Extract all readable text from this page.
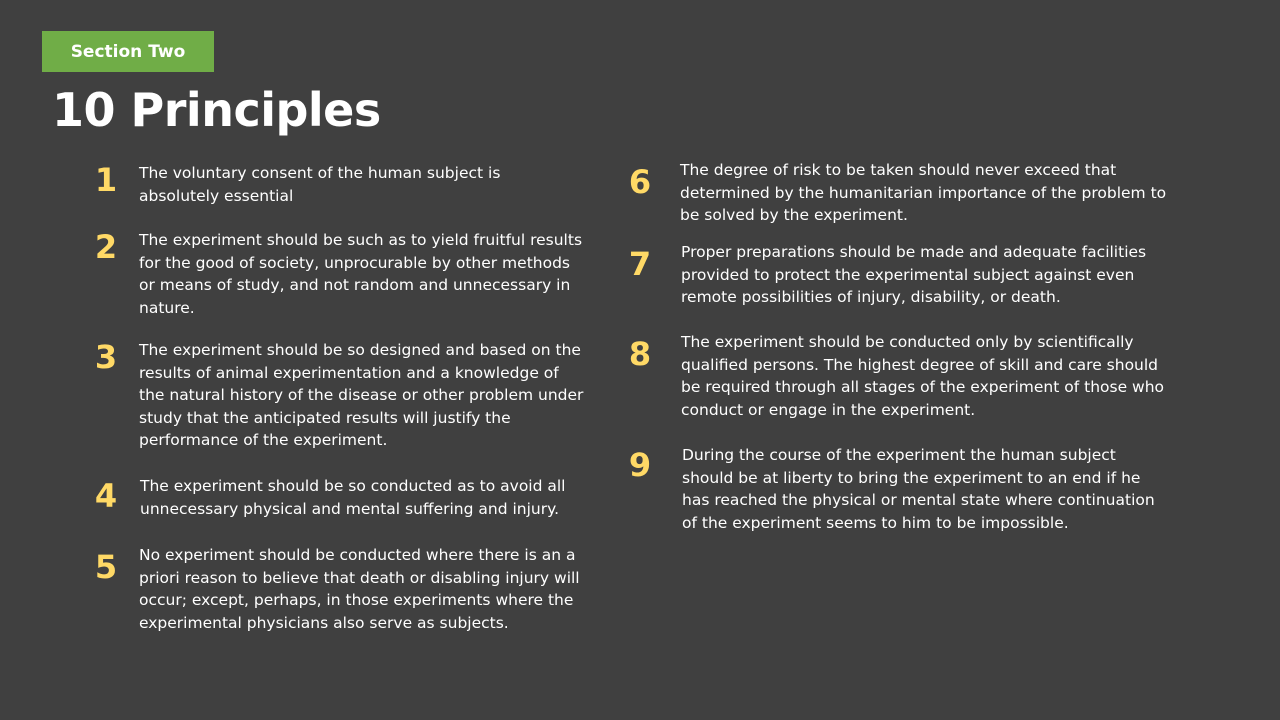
Section Two
10 Principles
1	The voluntary consent of the human subject is absolutely essential
2	The experiment should be such as to yield fruitful results for the good of society, unprocurable by other methods or means of study, and not random and unnecessary in nature.
3	The experiment should be so designed and based on the results of animal experimentation and a knowledge of the natural history of the disease or other problem under study that the anticipated results will justify the performance of the experiment.
4	The experiment should be so conducted as to avoid all unnecessary physical and mental suffering and injury.
5	No experiment should be conducted where there is an a priori reason to believe that death or disabling injury will occur; except, perhaps, in those experiments where the experimental physicians also serve as subjects.
6	The degree of risk to be taken should never exceed that determined by the humanitarian importance of the problem to be solved by the experiment.
7	Proper preparations should be made and adequate facilities provided to protect the experimental subject against even remote possibilities of injury, disability, or death.
8	The experiment should be conducted only by scientifically qualified persons. The highest degree of skill and care should be required through all stages of the experiment of those who conduct or engage in the experiment.
9	During the course of the experiment the human subject should be at liberty to bring the experiment to an end if he has reached the physical or mental state where continuation of the experiment seems to him to be impossible.
